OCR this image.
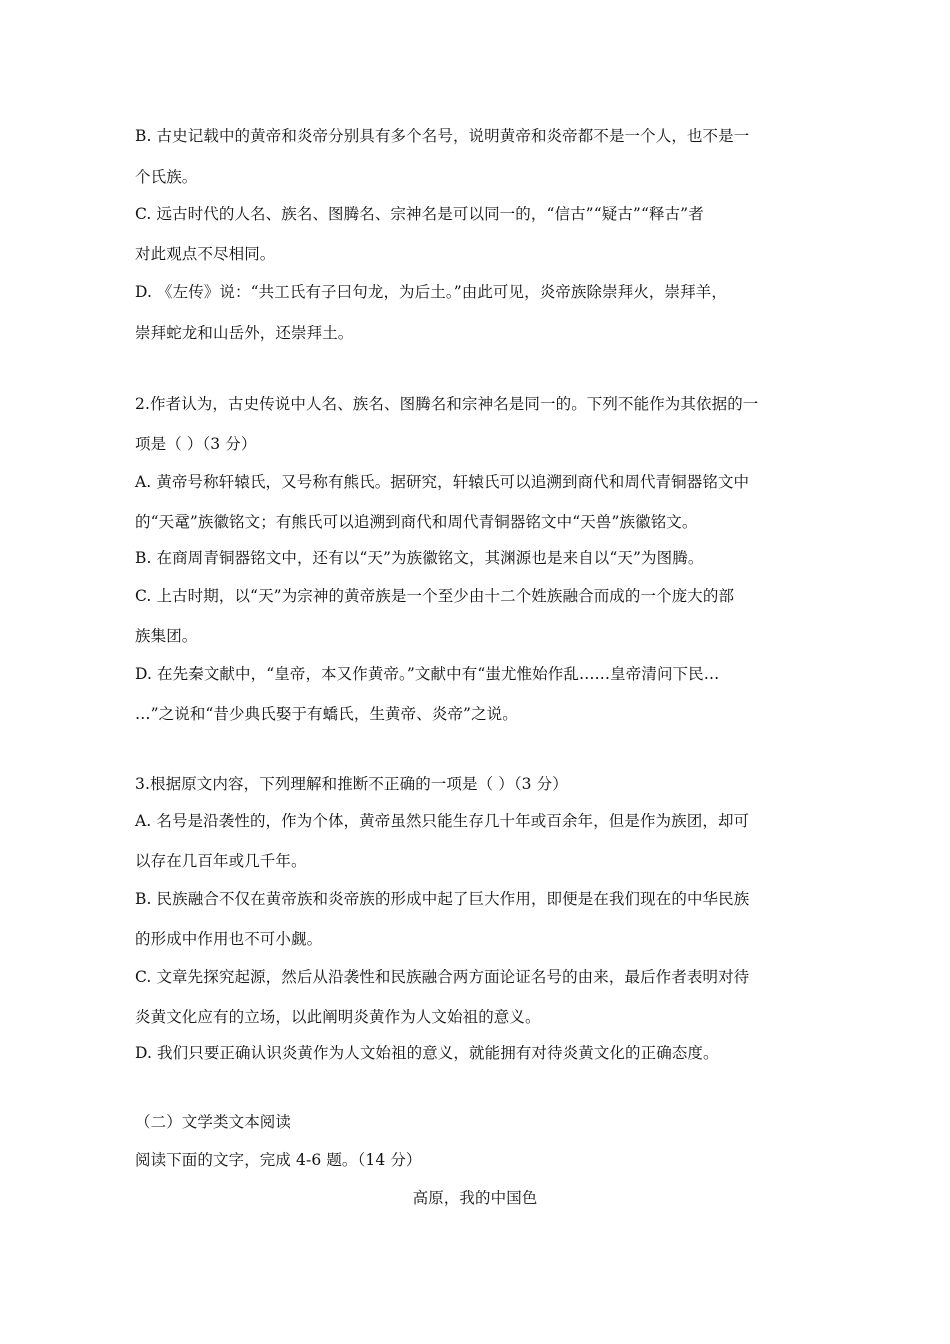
B. 古史记载中的黄帝和炎帝分别具有多个名号，说明黄帝和炎帝都不是一个人，也不是一
个氏族。
C. 远古时代的人名、族名、图腾名、宗神名是可以同一的，“信古”“疑古”“释古”者
对此观点不尽相同。
D. 《左传》说：“共工氏有子曰句龙，为后土。”由此可见，炎帝族除崇拜火，崇拜羊，
崇拜蛇龙和山岳外，还崇拜土。
2.作者认为，古史传说中人名、族名、图腾名和宗神名是同一的。下列不能作为其依据的一
项是（ ）（3 分）
A. 黄帝号称轩辕氏，又号称有熊氏。据研究，轩辕氏可以追溯到商代和周代青铜器铭文中
的“天鼋”族徽铭文；有熊氏可以追溯到商代和周代青铜器铭文中“天兽”族徽铭文。
B. 在商周青铜器铭文中，还有以“天”为族徽铭文，其渊源也是来自以“天”为图腾。
C. 上古时期，以“天”为宗神的黄帝族是一个至少由十二个姓族融合而成的一个庞大的部
族集团。
D. 在先秦文献中，“皇帝，本又作黄帝。”文献中有“蚩尤惟始作乱……皇帝清问下民…
…”之说和“昔少典氏娶于有蟜氏，生黄帝、炎帝”之说。
3.根据原文内容，下列理解和推断不正确的一项是（ ）（3 分）
A. 名号是沿袭性的，作为个体，黄帝虽然只能生存几十年或百余年，但是作为族团，却可
以存在几百年或几千年。
B. 民族融合不仅在黄帝族和炎帝族的形成中起了巨大作用，即便是在我们现在的中华民族
的形成中作用也不可小觑。
C. 文章先探究起源，然后从沿袭性和民族融合两方面论证名号的由来，最后作者表明对待
炎黄文化应有的立场，以此阐明炎黄作为人文始祖的意义。
D. 我们只要正确认识炎黄作为人文始祖的意义，就能拥有对待炎黄文化的正确态度。
（二）文学类文本阅读
阅读下面的文字，完成 4-6 题。（14 分）
高原，我的中国色
